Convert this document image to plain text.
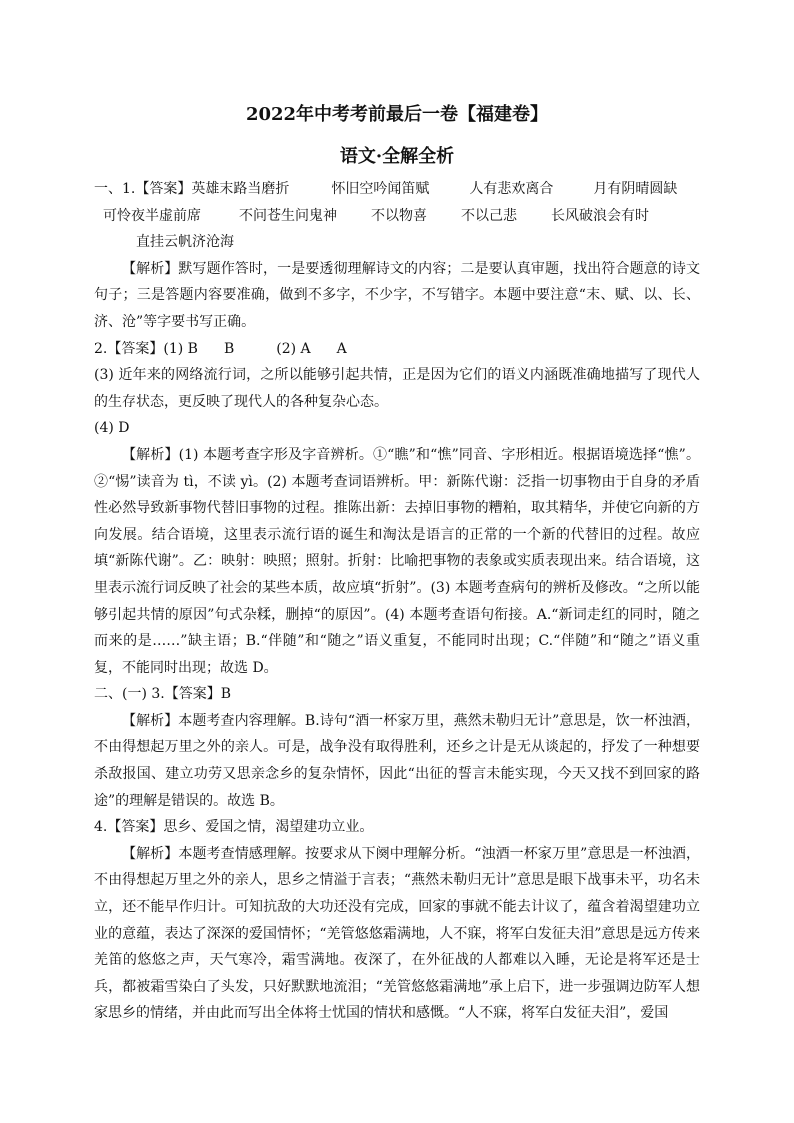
2022年中考考前最后一卷【福建卷】
语文·全解全析

一、1.【答案】英雄末路当磨折	怀旧空吟闻笛赋	人有悲欢离合	月有阴晴圆缺

可怜夜半虚前席	不问苍生问鬼神 不以物喜 不以己悲 长风破浪会有时

直挂云帆济沧海

【解析】默写题作答时，一是要透彻理解诗文的内容；二是要认真审题，找出符合题意的诗文句子；三是答题内容要准确，做到不多字，不少字，不写错字。本题中要注意“末、赋、以、长、济、沧”等字要书写正确。

2.【答案】(1) B B	(2) A A

(3) 近年来的网络流行词，之所以能够引起共情，正是因为它们的语义内涵既准确地描写了现代人的生存状态，更反映了现代人的各种复杂心态。

(4) D

【解析】(1) 本题考查字形及字音辨析。①“瞧”和“憔”同音、字形相近。根据语境选择“憔”。②“惕”读音为 tì，不读 yì。(2) 本题考查词语辨析。甲：新陈代谢：泛指一切事物由于自身的矛盾性必然导致新事物代替旧事物的过程。推陈出新：去掉旧事物的糟粕，取其精华，并使它向新的方向发展。结合语境，这里表示流行语的诞生和淘汰是语言的正常的一个新的代替旧的过程。故应填“新陈代谢”。乙：映射：映照；照射。折射：比喻把事物的表象或实质表现出来。结合语境，这里表示流行词反映了社会的某些本质，故应填“折射”。(3) 本题考查病句的辨析及修改。“之所以能够引起共情的原因”句式杂糅，删掉“的原因”。(4) 本题考查语句衔接。A.“新词走红的同时，随之而来的是……”缺主语；B.“伴随”和“随之”语义重复，不能同时出现；C.“伴随”和“随之”语义重复，不能同时出现；故选 D。

二、(一) 3.【答案】B

【解析】本题考查内容理解。B.诗句“酒一杯家万里，燕然未勒归无计”意思是，饮一杯浊酒，不由得想起万里之外的亲人。可是，战争没有取得胜利，还乡之计是无从谈起的，抒发了一种想要杀敌报国、建立功劳又思亲念乡的复杂情怀，因此“出征的誓言未能实现，今天又找不到回家的路途”的理解是错误的。故选 B。

4.【答案】思乡、爱国之情，渴望建功立业。

【解析】本题考查情感理解。按要求从下阕中理解分析。“浊酒一杯家万里”意思是一杯浊酒，不由得想起万里之外的亲人，思乡之情溢于言表；“燕然未勒归无计”意思是眼下战事未平，功名未立，还不能早作归计。可知抗敌的大功还没有完成，回家的事就不能去计议了，蕴含着渴望建功立业的意蕴，表达了深深的爱国情怀；“羌管悠悠霜满地，人不寐，将军白发征夫泪”意思是远方传来羌笛的悠悠之声，天气寒冷，霜雪满地。夜深了，在外征战的人都难以入睡，无论是将军还是士兵，都被霜雪染白了头发，只好默默地流泪；“羌管悠悠霜满地”承上启下，进一步强调边防军人想家思乡的情绪，并由此而写出全体将士忧国的情状和感慨。“人不寐，将军白发征夫泪”，爱国
